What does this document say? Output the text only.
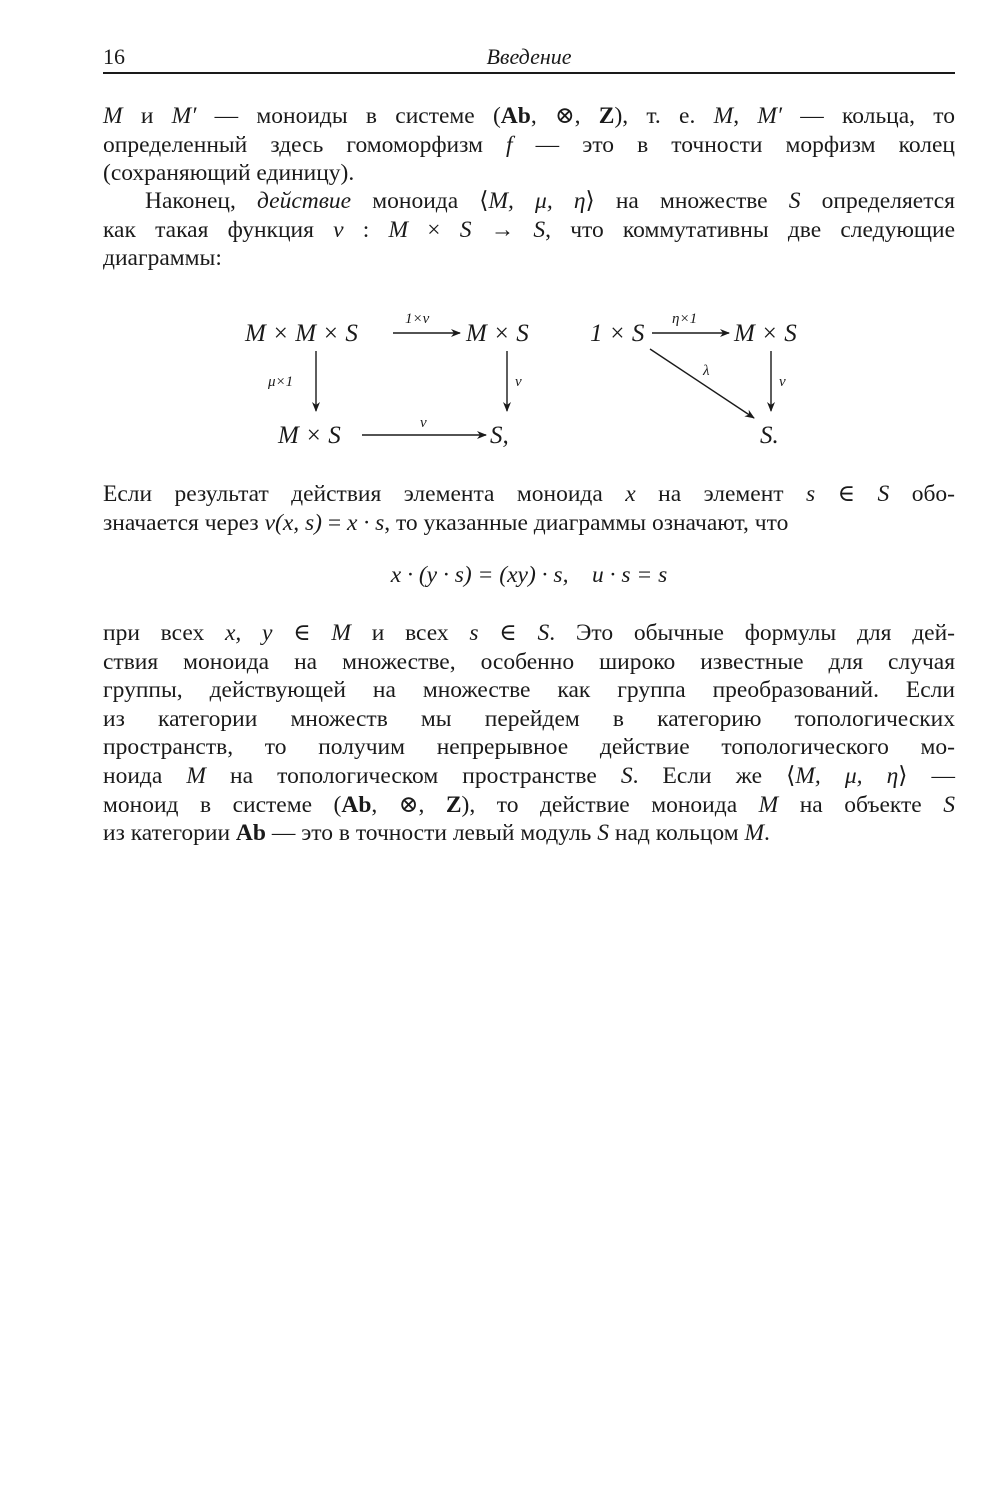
16	Введение
M и M′ — моноиды в системе (Ab, ⊗, Z), т. е. M, M′ — кольца, то
определенный здесь гомоморфизм f — это в точности морфизм колец
(сохраняющий единицу).
Наконец, действие моноида ⟨M, μ, η⟩ на множестве S определяется
как такая функция ν : M × S → S, что коммутативны две следующие
диаграммы:
M × M × S	M × S
M × S	S,
1×ν
μ×1	ν
ν
1 × S	M × S
S.
η×1
λ
ν
Если результат действия элемента моноида x на элемент s ∈ S обо-
значается через ν(x, s) = x · s, то указанные диаграммы означают, что
x · (y · s) = (xy) · s,    u · s = s
при всех x, y ∈ M и всех s ∈ S. Это обычные формулы для дей-
ствия моноида на множестве, особенно широко известные для случая
группы, действующей на множестве как группа преобразований. Если
из категории множеств мы перейдем в категорию топологических
пространств, то получим непрерывное действие топологического мо-
ноида M на топологическом пространстве S. Если же ⟨M, μ, η⟩ —
моноид в системе (Ab, ⊗, Z), то действие моноида M на объекте S
из категории Ab — это в точности левый модуль S над кольцом M.
